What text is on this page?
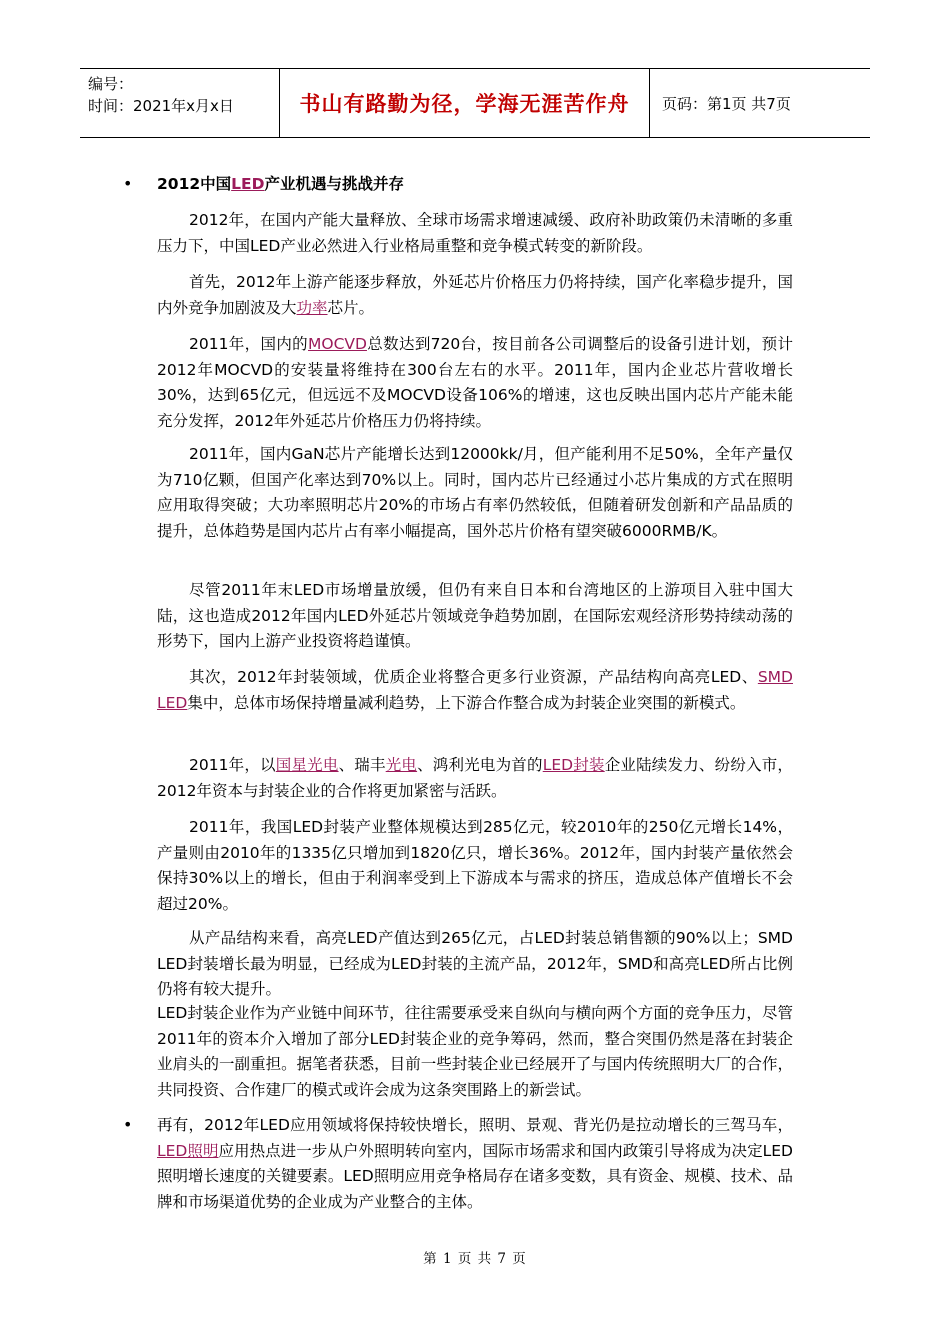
编号：
时间：2021年x月x日	书山有路勤为径，学海无涯苦作舟 页码：第1页 共7页
• 2012中国LED产业机遇与挑战并存
2012年，在国内产能大量释放、全球市场需求增速减缓、政府补助政策仍未清晰的多重压力下，中国LED产业必然进入行业格局重整和竞争模式转变的新阶段。
首先，2012年上游产能逐步释放，外延芯片价格压力仍将持续，国产化率稳步提升，国内外竞争加剧波及大功率芯片。
2011年，国内的MOCVD总数达到720台，按目前各公司调整后的设备引进计划，预计2012年MOCVD的安装量将维持在300台左右的水平。2011年，国内企业芯片营收增长30%，达到65亿元，但远远不及MOCVD设备106%的增速，这也反映出国内芯片产能未能充分发挥，2012年外延芯片价格压力仍将持续。
2011年，国内GaN芯片产能增长达到12000kk/月，但产能利用不足50%，全年产量仅为710亿颗，但国产化率达到70%以上。同时，国内芯片已经通过小芯片集成的方式在照明应用取得突破；大功率照明芯片20%的市场占有率仍然较低，但随着研发创新和产品品质的提升，总体趋势是国内芯片占有率小幅提高，国外芯片价格有望突破6000RMB/K。
尽管2011年末LED市场增量放缓，但仍有来自日本和台湾地区的上游项目入驻中国大陆，这也造成2012年国内LED外延芯片领域竞争趋势加剧，在国际宏观经济形势持续动荡的形势下，国内上游产业投资将趋谨慎。
其次，2012年封装领域，优质企业将整合更多行业资源，产品结构向高亮LED、SMD LED集中，总体市场保持增量减利趋势，上下游合作整合成为封装企业突围的新模式。
2011年，以国星光电、瑞丰光电、鸿利光电为首的LED封装企业陆续发力、纷纷入市，2012年资本与封装企业的合作将更加紧密与活跃。
2011年，我国LED封装产业整体规模达到285亿元，较2010年的250亿元增长14%，产量则由2010年的1335亿只增加到1820亿只，增长36%。2012年，国内封装产量依然会保持30%以上的增长，但由于利润率受到上下游成本与需求的挤压，造成总体产值增长不会超过20%。
从产品结构来看，高亮LED产值达到265亿元，占LED封装总销售额的90%以上；SMD LED封装增长最为明显，已经成为LED封装的主流产品，2012年，SMD和高亮LED所占比例仍将有较大提升。
LED封装企业作为产业链中间环节，往往需要承受来自纵向与横向两个方面的竞争压力，尽管2011年的资本介入增加了部分LED封装企业的竞争筹码，然而，整合突围仍然是落在封装企业肩头的一副重担。据笔者获悉，目前一些封装企业已经展开了与国内传统照明大厂的合作，共同投资、合作建厂的模式或许会成为这条突围路上的新尝试。
• 再有，2012年LED应用领域将保持较快增长，照明、景观、背光仍是拉动增长的三驾马车，LED照明应用热点进一步从户外照明转向室内，国际市场需求和国内政策引导将成为决定LED照明增长速度的关键要素。LED照明应用竞争格局存在诸多变数，具有资金、规模、技术、品牌和市场渠道优势的企业成为产业整合的主体。
第 1 页 共 7 页
